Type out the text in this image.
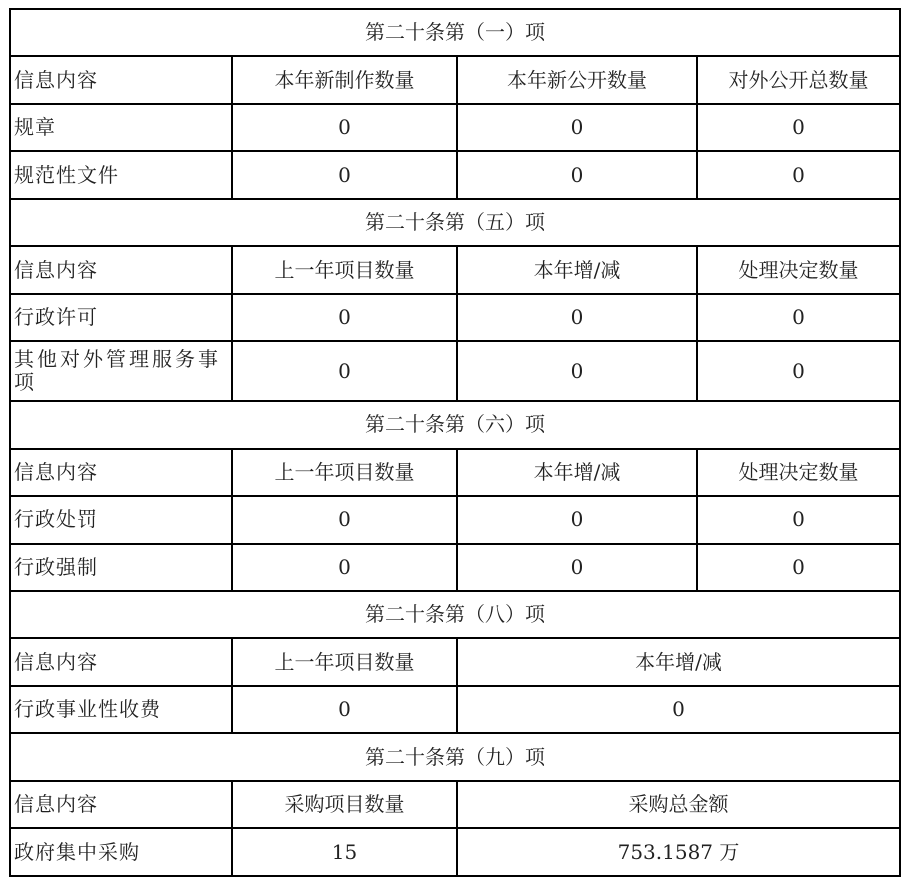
第二十条第（一）项			
信息内容	本年新制作数量	本年新公开数量	对外公开总数量
规章	0	0	0
规范性文件	0	0	0
第二十条第（五）项			
信息内容	上一年项目数量	本年增/减	处理决定数量
行政许可	0	0	0
其他对外管理服务事项	0	0	0
第二十条第（六）项			
信息内容	上一年项目数量	本年增/减	处理决定数量
行政处罚	0	0	0
行政强制	0	0	0
第二十条第（八）项			
信息内容	上一年项目数量	本年增/减	
行政事业性收费	0	0	
第二十条第（九）项			
信息内容	采购项目数量	采购总金额	
政府集中采购	15	753.1587 万	
